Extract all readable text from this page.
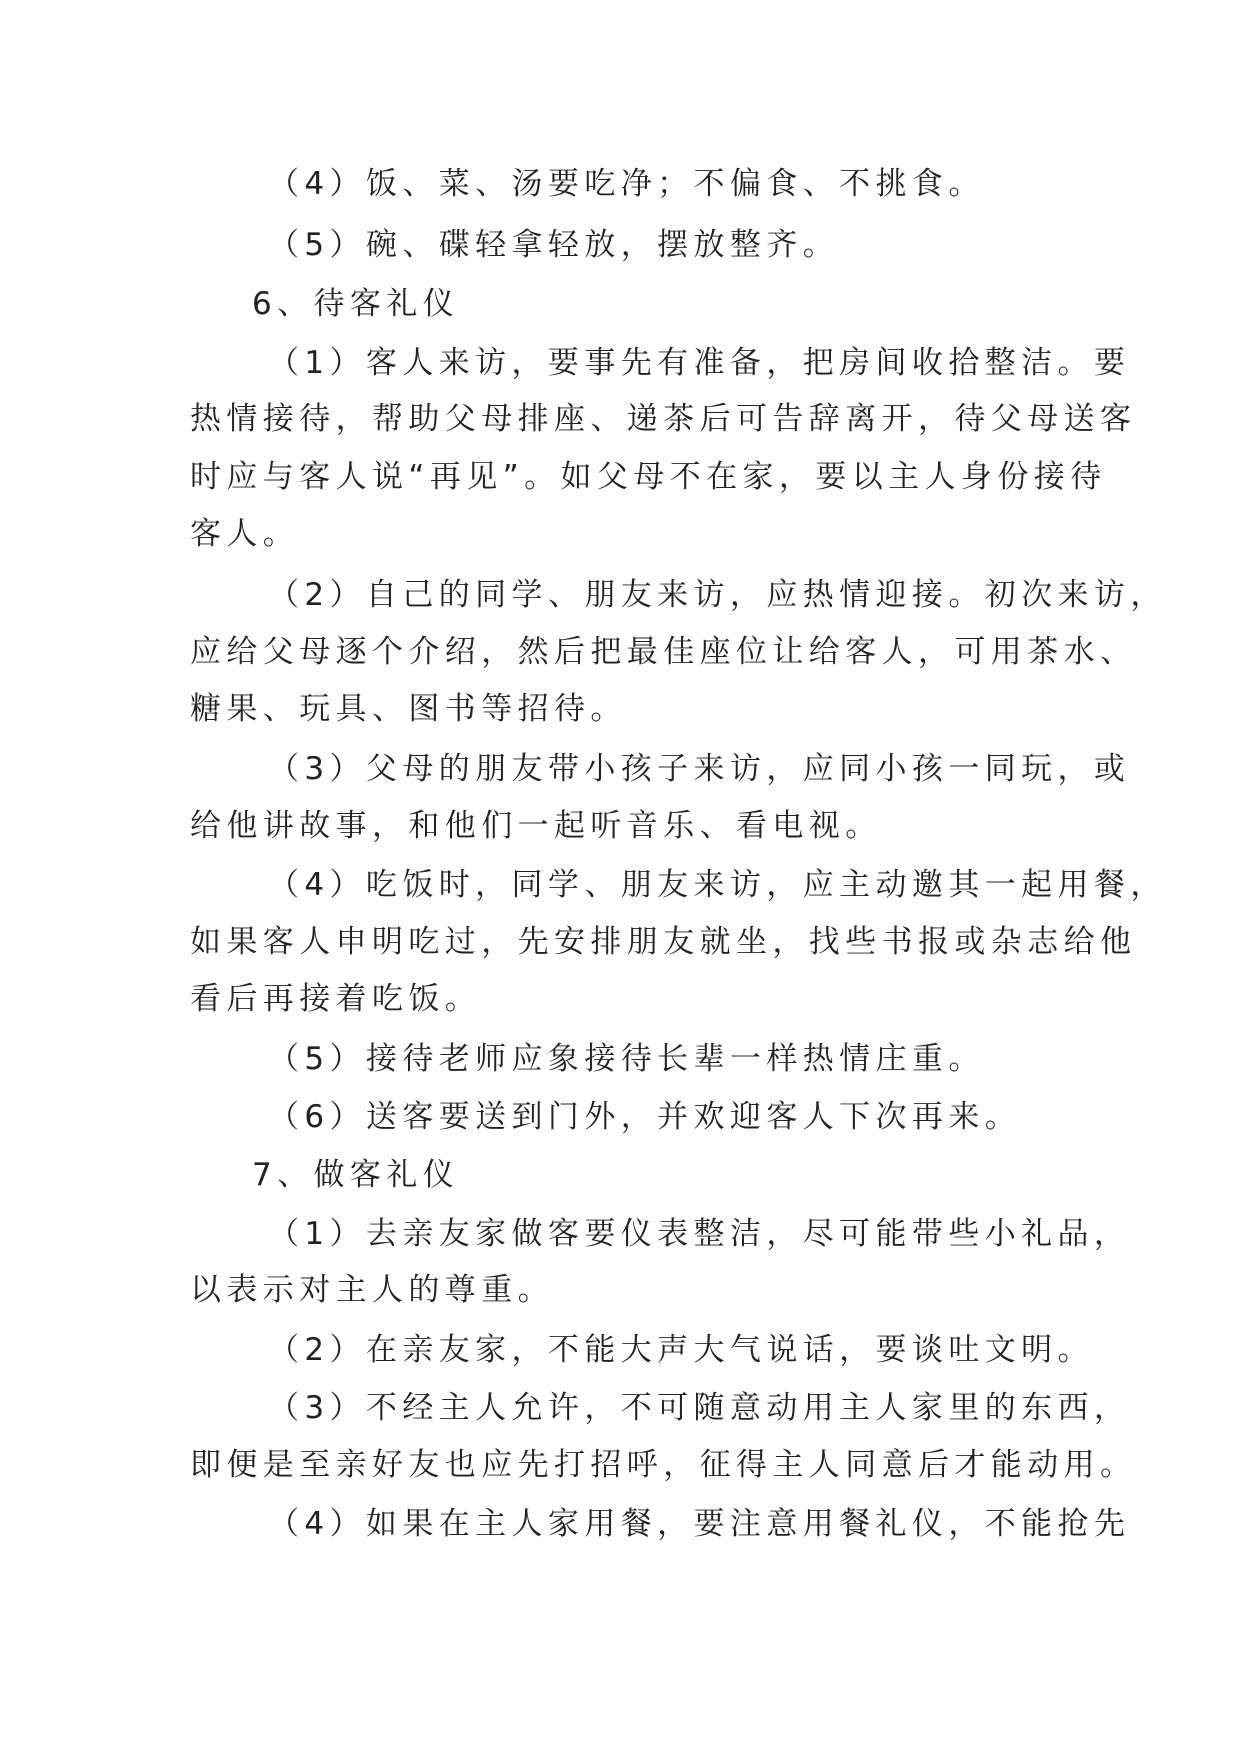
（4）饭、菜、汤要吃净；不偏食、不挑食。
（5）碗、碟轻拿轻放，摆放整齐。
6、待客礼仪
（1）客人来访，要事先有准备，把房间收拾整洁。要
热情接待，帮助父母排座、递茶后可告辞离开，待父母送客
时应与客人说“再见”。如父母不在家，要以主人身份接待
客人。
（2）自己的同学、朋友来访，应热情迎接。初次来访，
应给父母逐个介绍，然后把最佳座位让给客人，可用茶水、
糖果、玩具、图书等招待。
（3）父母的朋友带小孩子来访，应同小孩一同玩，或
给他讲故事，和他们一起听音乐、看电视。
（4）吃饭时，同学、朋友来访，应主动邀其一起用餐，
如果客人申明吃过，先安排朋友就坐，找些书报或杂志给他
看后再接着吃饭。
（5）接待老师应象接待长辈一样热情庄重。
（6）送客要送到门外，并欢迎客人下次再来。
7、做客礼仪
（1）去亲友家做客要仪表整洁，尽可能带些小礼品，
以表示对主人的尊重。
（2）在亲友家，不能大声大气说话，要谈吐文明。
（3）不经主人允许，不可随意动用主人家里的东西，
即便是至亲好友也应先打招呼，征得主人同意后才能动用。
（4）如果在主人家用餐，要注意用餐礼仪，不能抢先
